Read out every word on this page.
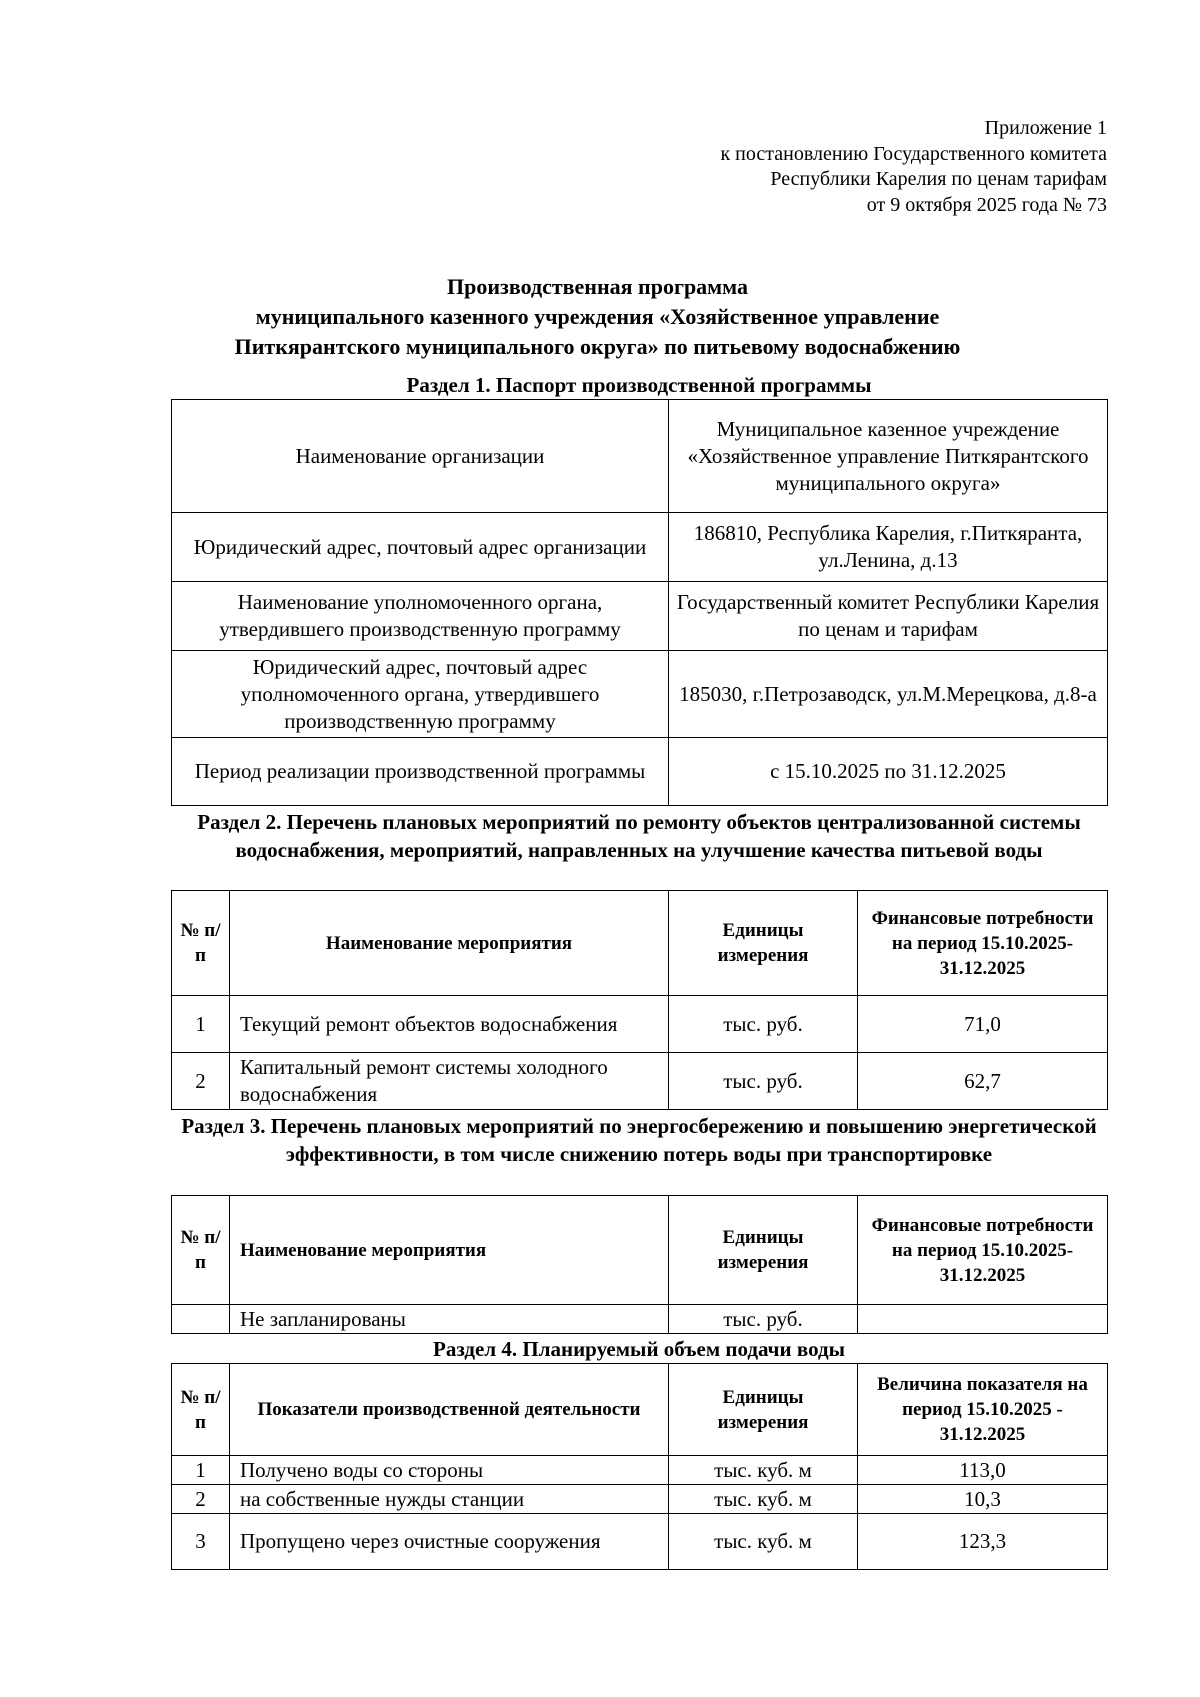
Приложение 1
к постановлению Государственного комитета
Республики Карелия по ценам тарифам
от 9 октября 2025 года № 73
Производственная программа
муниципального казенного учреждения «Хозяйственное управление
Питкярантского муниципального округа» по питьевому водоснабжению
Раздел 1. Паспорт производственной программы
Наименование организации	Муниципальное казенное учреждение «Хозяйственное управление Питкярантского муниципального округа»
Юридический адрес, почтовый адрес организации	186810, Республика Карелия, г.Питкяранта, ул.Ленина, д.13
Наименование уполномоченного органа, утвердившего производственную программу	Государственный комитет Республики Карелия по ценам и тарифам
Юридический адрес, почтовый адрес уполномоченного органа, утвердившего производственную программу	185030, г.Петрозаводск, ул.М.Мерецкова, д.8-а
Период реализации производственной программы	с 15.10.2025 по 31.12.2025
Раздел 2. Перечень плановых мероприятий по ремонту объектов централизованной системы водоснабжения, мероприятий, направленных на улучшение качества питьевой воды
№ п/п	Наименование мероприятия	Единицы измерения	Финансовые потребности на период 15.10.2025-31.12.2025
1	Текущий ремонт объектов водоснабжения	тыс. руб.	71,0
2	Капитальный ремонт системы холодного водоснабжения	тыс. руб.	62,7
Раздел 3. Перечень плановых мероприятий по энергосбережению и повышению энергетической эффективности, в том числе снижению потерь воды при транспортировке
№ п/п	Наименование мероприятия	Единицы измерения	Финансовые потребности на период 15.10.2025-31.12.2025
	Не запланированы	тыс. руб.	
Раздел 4. Планируемый объем подачи воды
№ п/п	Показатели производственной деятельности	Единицы измерения	Величина показателя на период 15.10.2025 - 31.12.2025
1	Получено воды со стороны	тыс. куб. м	113,0
2	на собственные нужды станции	тыс. куб. м	10,3
3	Пропущено через очистные сооружения	тыс. куб. м	123,3
